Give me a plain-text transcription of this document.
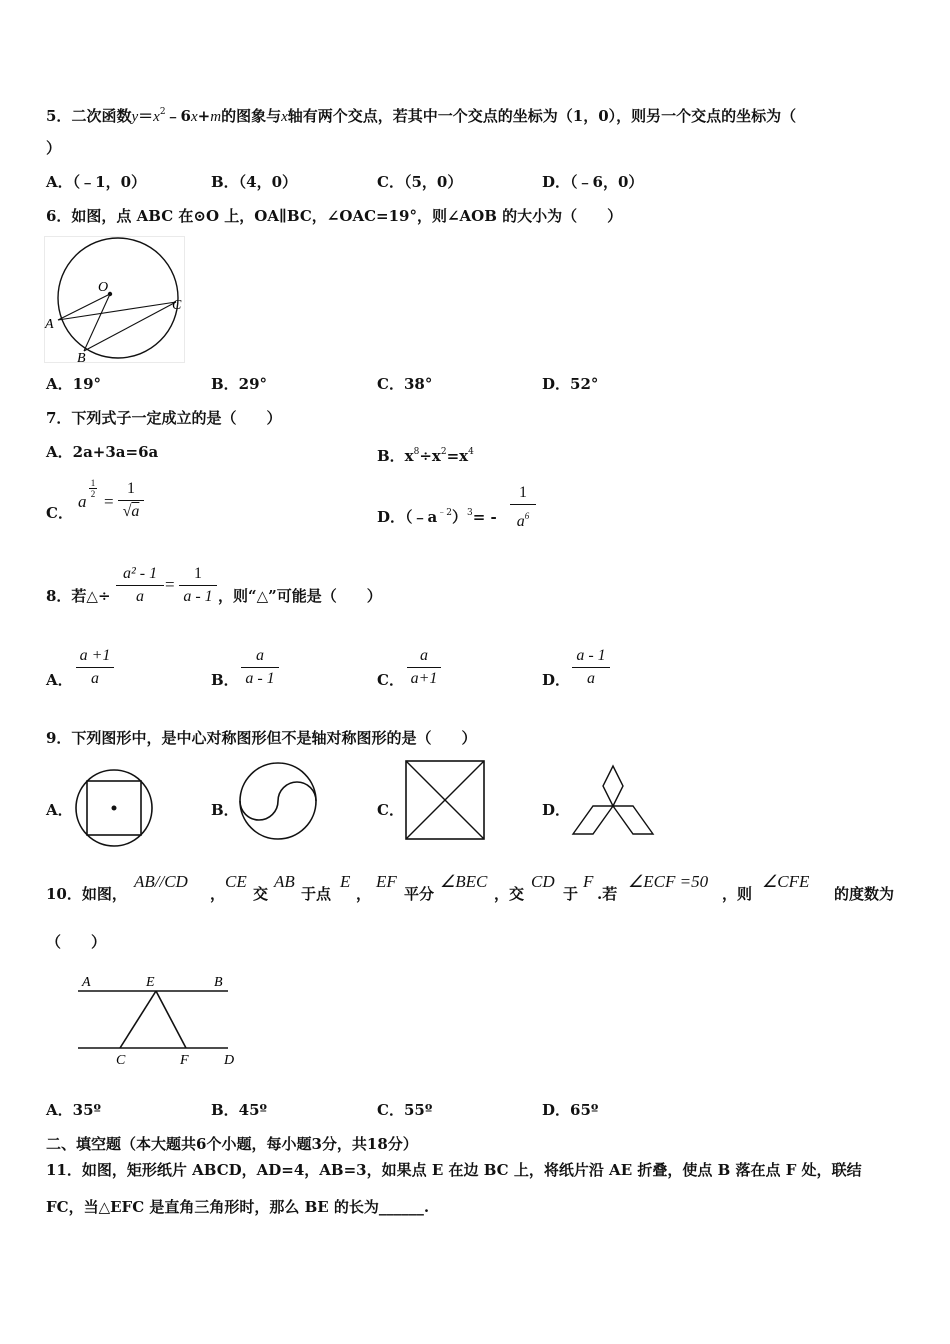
5．二次函数$y=x^2﹣6x+m$的图象与x轴有两个交点，若其中一个交点的坐标为（1，0），则另一个交点的坐标为（
）
A．（﹣1，0）	B．（4，0）	C．（5，0）	D．（﹣6，0）
6．如图，点 ABC 在⊙O 上，OA∥BC，∠OAC=19°，则∠AOB 的大小为（　　）
O
A
B
C
A．19°	B．29°	C．38°	D．52°
7．下列式子一定成立的是（　　）
A．2a+3a=6a	B．$x^8\div x^2=x^4$
C．
a
1
$2 = \frac{1}{√a}$	D．$(﹣a^{﹣2})^3= - \frac{1}{a^6}$
8．若△÷ $\frac{\text{a² - 1}}{a} = \frac{1}{a - 1}$ ，则“△”可能是（　　）
A． $\frac{a +1}{a}$	B． $\frac{a}{a - 1}$	C． $\frac{a}{a+1}$	D． $\frac{a - 1}{a}$
9．下列图形中，是中心对称图形但不是轴对称图形的是（　　）
A．	B．	C．	D．
10．如图，
AB//CD
，
CE
交
AB
于点
E
，
EF
平分
∠BEC
，交
CD
于
F
.若
∠ECF =50
，则
∠CFE
的度数为
（　　）
A	E	B
C	F	D
A．35º	B．45º	C．55º	D．65º
二、填空题（本大题共6个小题，每小题3分，共18分）
11．如图，矩形纸片 ABCD，AD=4，AB=3，如果点 E 在边 BC 上，将纸片沿 AE 折叠，使点 B 落在点 F 处，联结
FC，当△EFC 是直角三角形时，那么 BE 的长为______.
